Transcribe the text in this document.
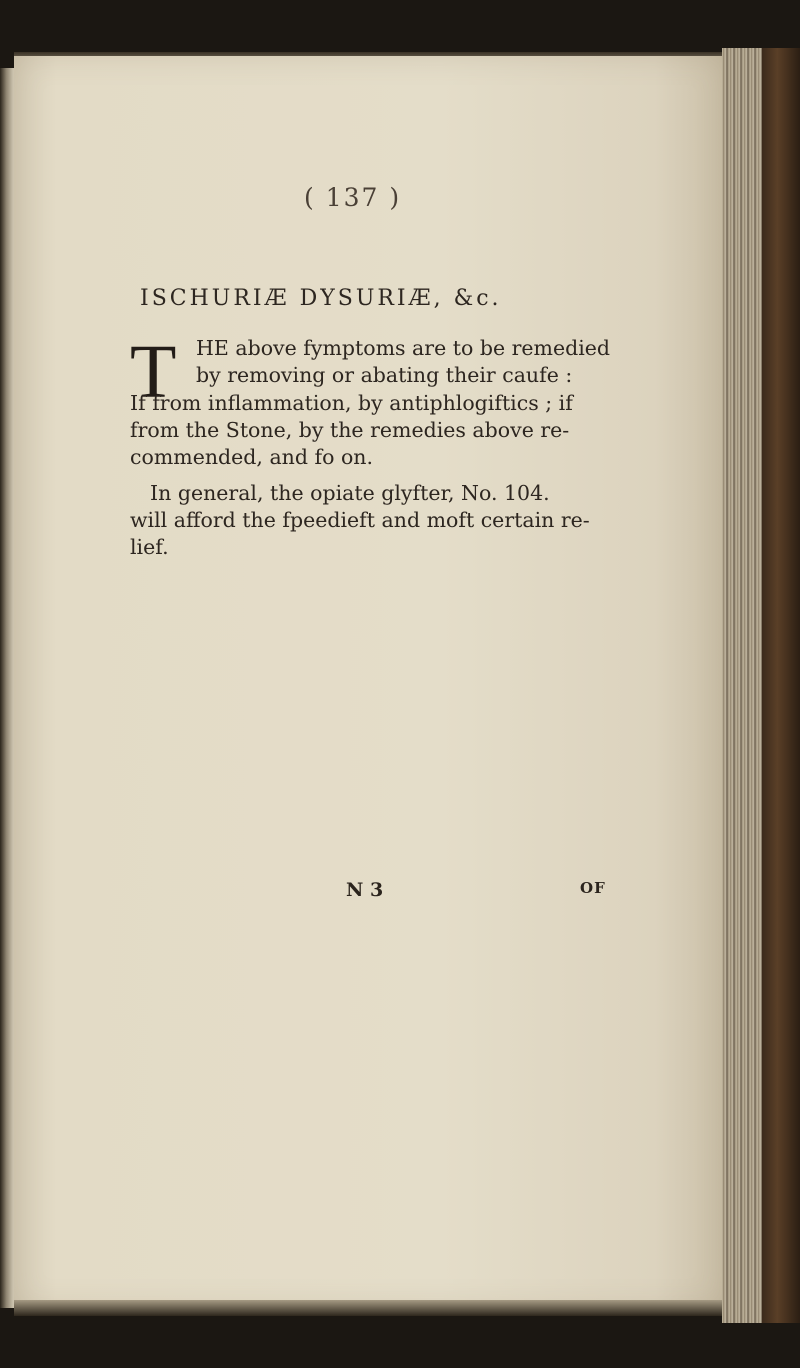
( 137 )
ISCHURIÆ DYSURIÆ, &c.
T HE above fymptoms are to be remedied
by removing or abating their caufe :
If from inflammation, by antiphlogiftics ; if
from the Stone, by the remedies above re-
commended, and fo on.
In general, the opiate glyfter, No. 104.
will afford the fpeedieft and moft certain re-
lief.
N 3	OF
